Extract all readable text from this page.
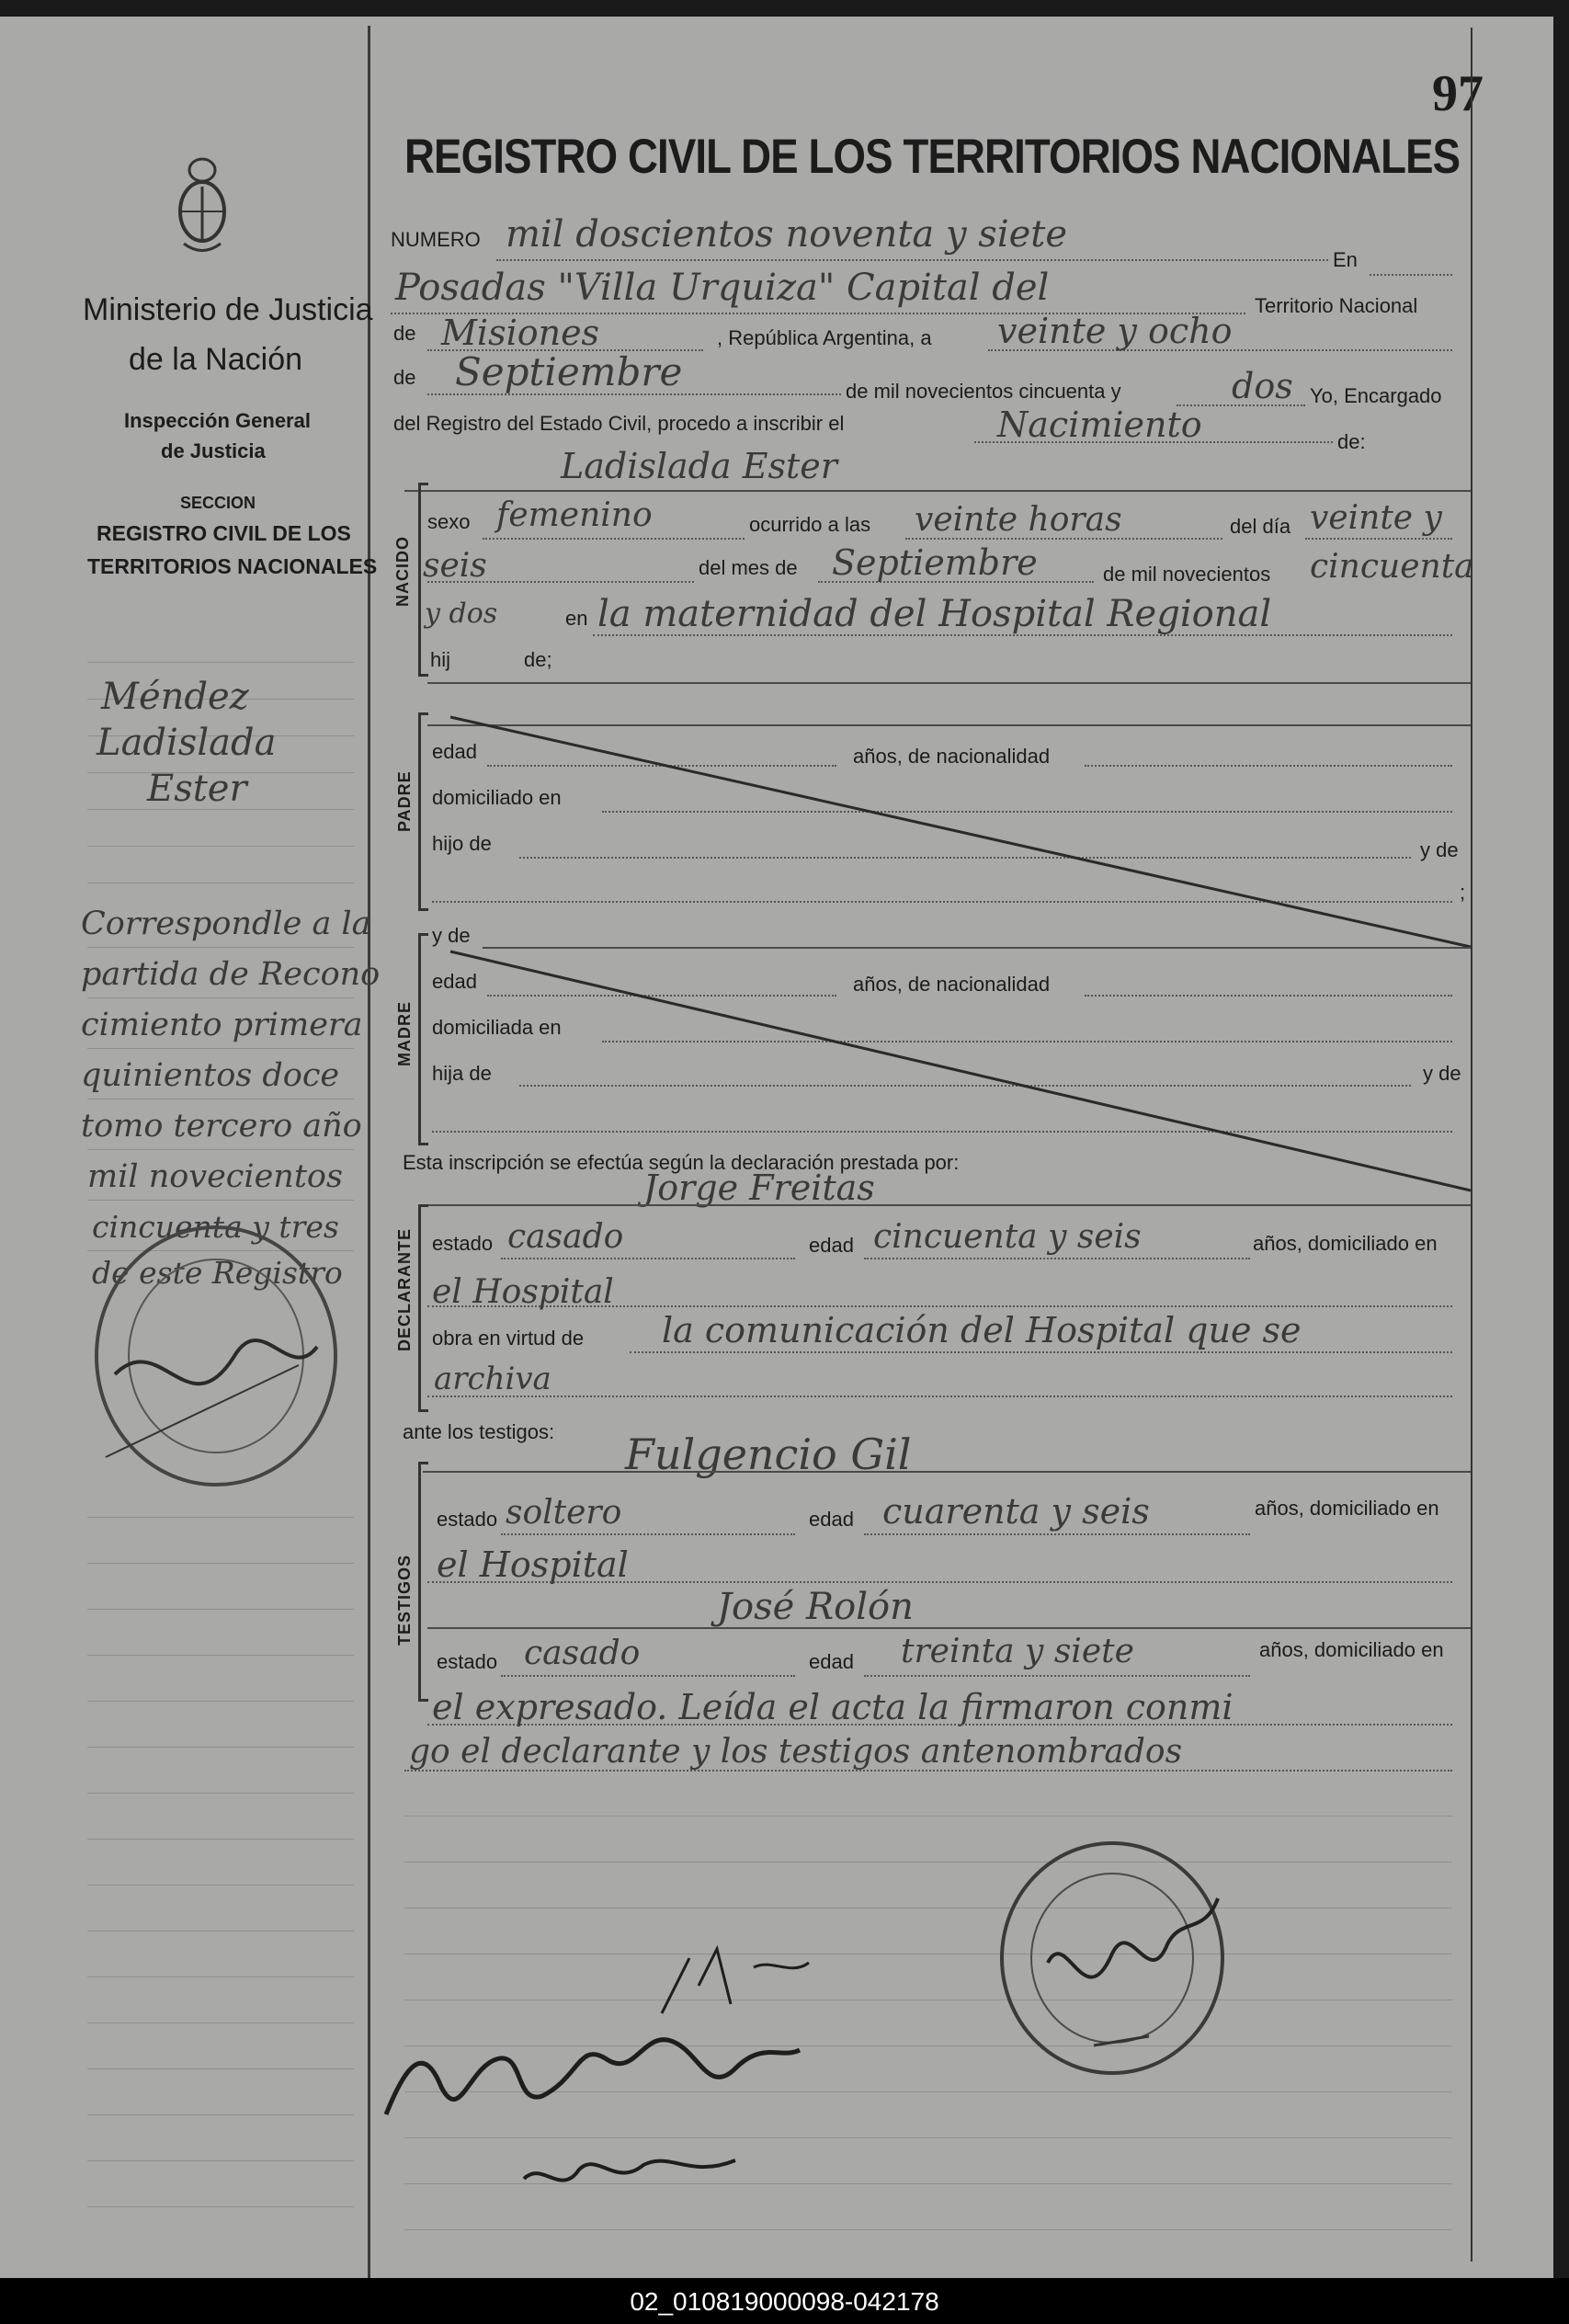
97
Ministerio de Justicia
de la Nación
Inspección General
de Justicia
SECCION
REGISTRO CIVIL DE LOS
TERRITORIOS NACIONALES
Méndez
Ladislada
Ester
Correspondle a la
partida de Recono
cimiento primera
quinientos doce
tomo tercero año
mil novecientos
cincuenta y tres
de este Registro
REGISTRO CIVIL DE LOS TERRITORIOS NACIONALES
NUMERO mil doscientos noventa y siete
En
Posadas "Villa Urquiza" Capital del	Territorio Nacional
de Misiones	, República Argentina, a veinte y ocho
de Septiembre	de mil novecientos cincuenta y	dos Yo, Encargado
del Registro del Estado Civil, procedo a inscribir el	Nacimiento	de:
Ladislada Ester
NACIDO
sexo femenino	ocurrido a las veinte horas	del día veinte y
seis	del mes de Septiembre	de mil novecientos cincuenta
y dos	en la maternidad del Hospital Regional
hij	de;
PADRE
edad	años, de nacionalidad
domiciliado en
hijo de	y de
;
y de
MADRE
edad	años, de nacionalidad
domiciliada en
hija de	y de
Esta inscripción se efectúa según la declaración prestada por:
Jorge Freitas
DECLARANTE estado casado	edad cincuenta y seis	años, domiciliado en
el Hospital
obra en virtud de la comunicación del Hospital que se
archiva
ante los testigos: Fulgencio Gil
TESTIGOS
estado soltero	edad cuarenta y seis	años, domiciliado en
el Hospital
José Rolón
estado casado	edad treinta y siete	años, domiciliado en
el expresado. Leída el acta la firmaron conmi
go el declarante y los testigos antenombrados
02_010819000098-042178
